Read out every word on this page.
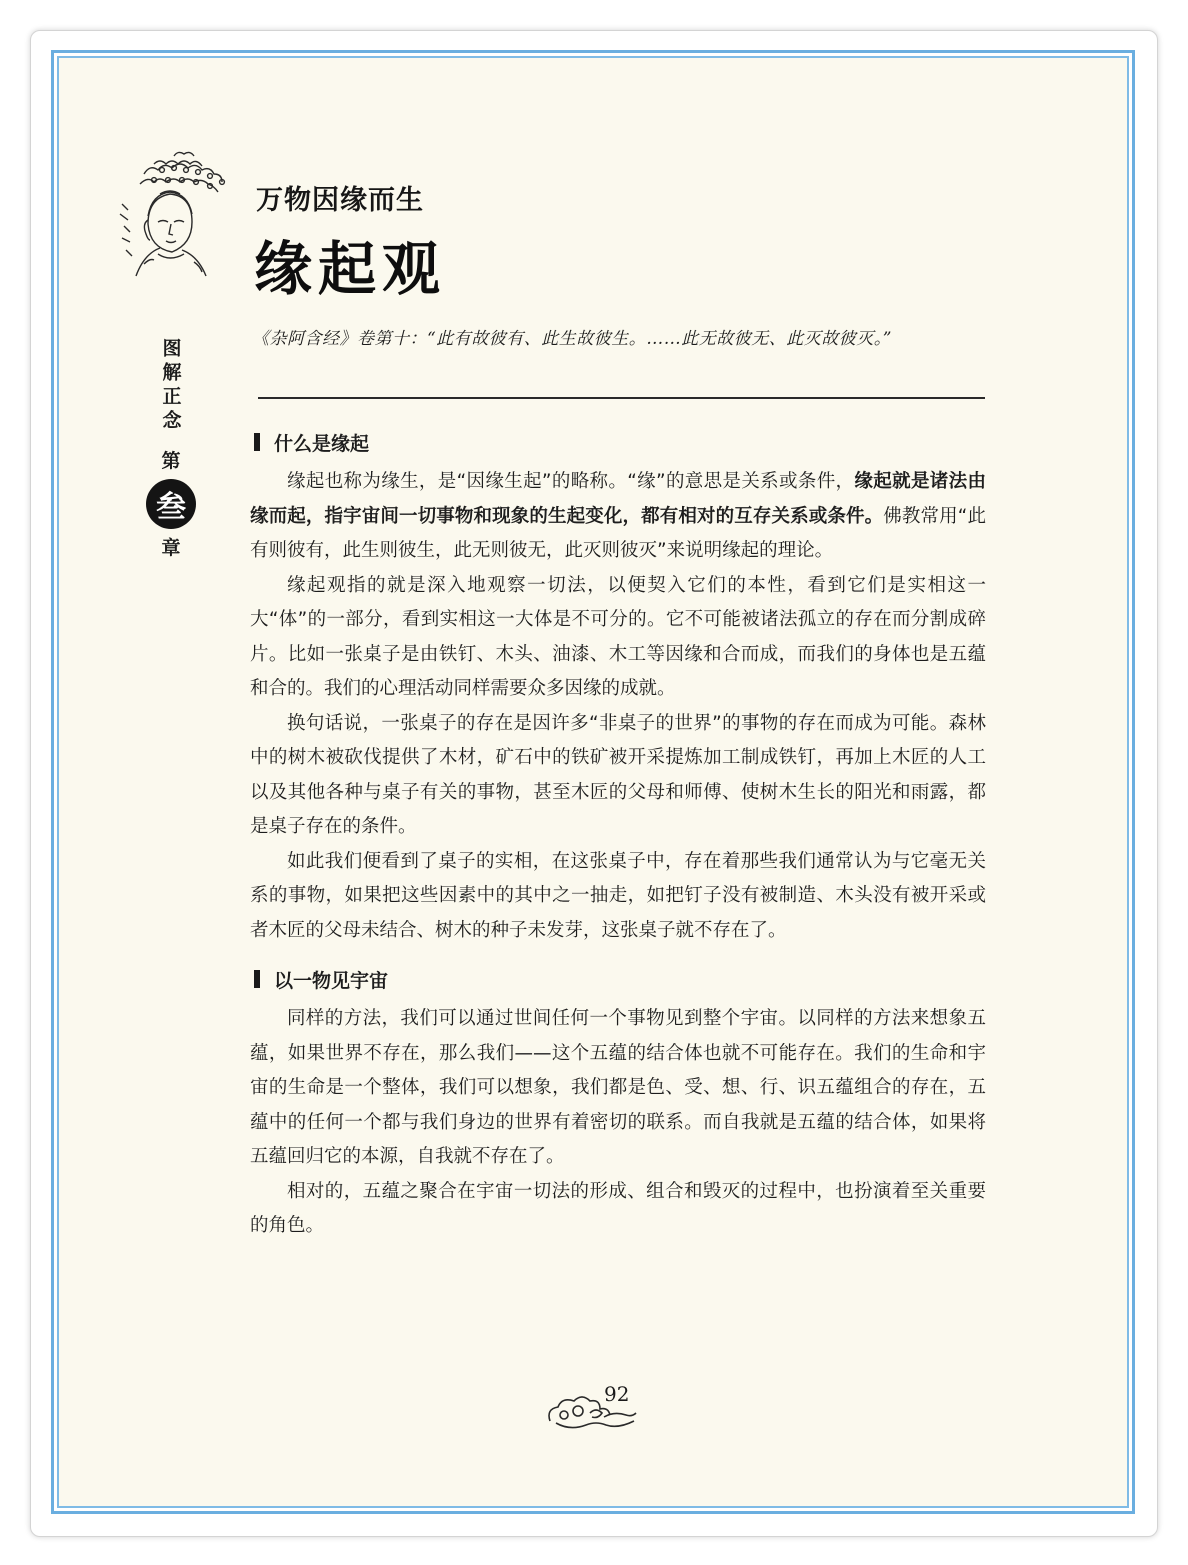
万物因缘而生
缘起观
图解正念
第
叁
章

《杂阿含经》卷第十：“此有故彼有、此生故彼生。……此无故彼无、此灭故彼灭。”

什么是缘起

缘起也称为缘生，是“因缘生起”的略称。“缘”的意思是关系或条件，缘起就是诸法由缘而起，指宇宙间一切事物和现象的生起变化，都有相对的互存关系或条件。佛教常用“此有则彼有，此生则彼生，此无则彼无，此灭则彼灭”来说明缘起的理论。

缘起观指的就是深入地观察一切法，以便契入它们的本性，看到它们是实相这一大“体”的一部分，看到实相这一大体是不可分的。它不可能被诸法孤立的存在而分割成碎片。比如一张桌子是由铁钉、木头、油漆、木工等因缘和合而成，而我们的身体也是五蕴和合的。我们的心理活动同样需要众多因缘的成就。

换句话说，一张桌子的存在是因许多“非桌子的世界”的事物的存在而成为可能。森林中的树木被砍伐提供了木材，矿石中的铁矿被开采提炼加工制成铁钉，再加上木匠的人工以及其他各种与桌子有关的事物，甚至木匠的父母和师傅、使树木生长的阳光和雨露，都是桌子存在的条件。

如此我们便看到了桌子的实相，在这张桌子中，存在着那些我们通常认为与它毫无关系的事物，如果把这些因素中的其中之一抽走，如把钉子没有被制造、木头没有被开采或者木匠的父母未结合、树木的种子未发芽，这张桌子就不存在了。

以一物见宇宙

同样的方法，我们可以通过世间任何一个事物见到整个宇宙。以同样的方法来想象五蕴，如果世界不存在，那么我们——这个五蕴的结合体也就不可能存在。我们的生命和宇宙的生命是一个整体，我们可以想象，我们都是色、受、想、行、识五蕴组合的存在，五蕴中的任何一个都与我们身边的世界有着密切的联系。而自我就是五蕴的结合体，如果将五蕴回归它的本源，自我就不存在了。

相对的，五蕴之聚合在宇宙一切法的形成、组合和毁灭的过程中，也扮演着至关重要的角色。

92
